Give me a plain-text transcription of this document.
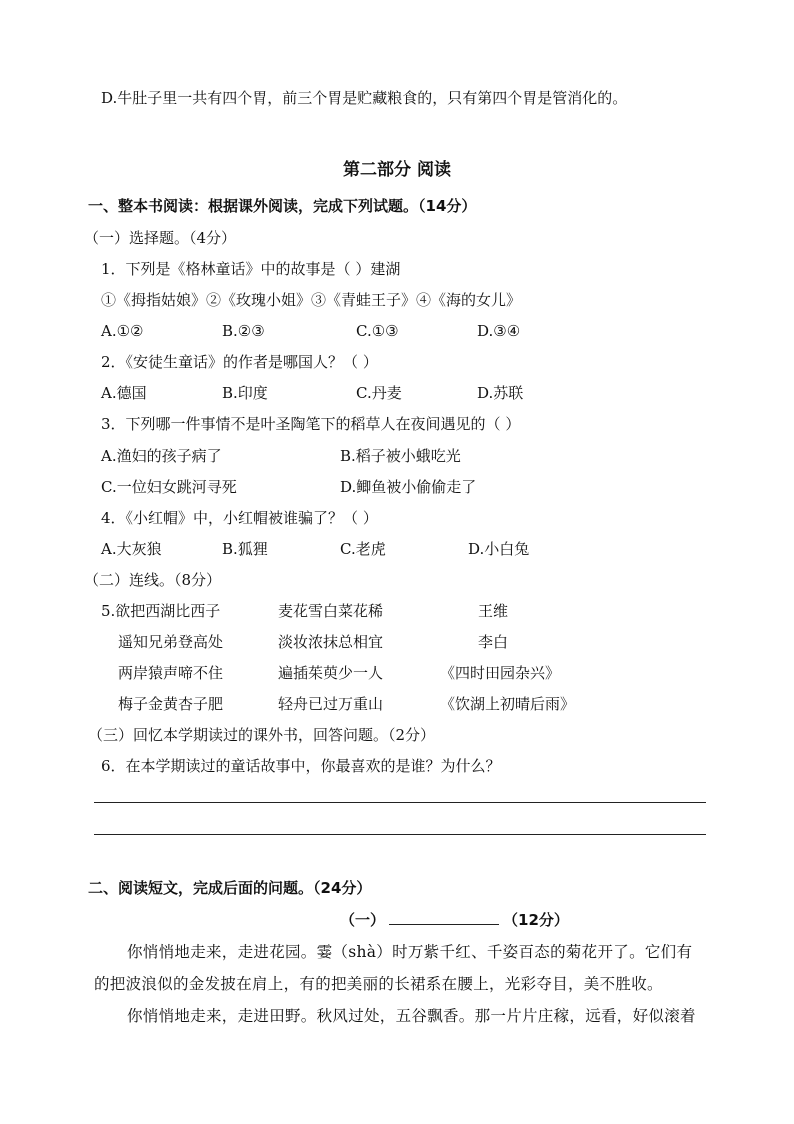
D.牛肚子里一共有四个胃，前三个胃是贮藏粮食的，只有第四个胃是管消化的。
第二部分 阅读
一、整本书阅读：根据课外阅读，完成下列试题。（14分）
（一）选择题。（4分）
1．下列是《格林童话》中的故事是（ ）建湖
①《拇指姑娘》②《玫瑰小姐》③《青蛙王子》④《海的女儿》
A.①②	B.②③	C.①③	D.③④
2．《安徒生童话》的作者是哪国人？（ ）
A.德国	B.印度	C.丹麦	D.苏联
3．下列哪一件事情不是叶圣陶笔下的稻草人在夜间遇见的（ ）
A.渔妇的孩子病了	B.稻子被小蛾吃光
C.一位妇女跳河寻死	D.鲫鱼被小偷偷走了
4．《小红帽》中，小红帽被谁骗了？（ ）
A.大灰狼	B.狐狸	C.老虎	D.小白兔
（二）连线。（8分）
5.欲把西湖比西子	麦花雪白菜花稀	王维
遥知兄弟登高处	淡妆浓抹总相宜	李白
两岸猿声啼不住	遍插茱萸少一人	《四时田园杂兴》
梅子金黄杏子肥	轻舟已过万重山	《饮湖上初晴后雨》
（三）回忆本学期读过的课外书，回答问题。（2分）
6．在本学期读过的童话故事中，你最喜欢的是谁？为什么？
二、阅读短文，完成后面的问题。（24分）
（一）	（12分）
你悄悄地走来，走进花园。霎（shà）时万紫千红、千姿百态的菊花开了。它们有
的把波浪似的金发披在肩上，有的把美丽的长裙系在腰上，光彩夺目，美不胜收。
你悄悄地走来，走进田野。秋风过处，五谷飘香。那一片片庄稼，远看，好似滚着
